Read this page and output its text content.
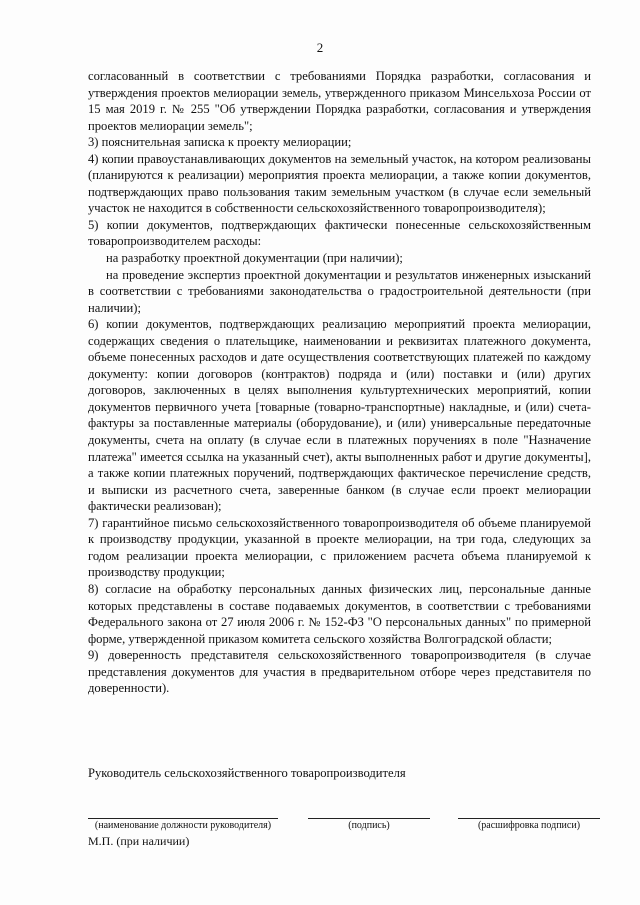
2

согласованный в соответствии с требованиями Порядка разработки, согласования и утверждения проектов мелиорации земель, утвержденного приказом Минсельхоза России от 15 мая 2019 г. № 255 "Об утверждении Порядка разработки, согласования и утверждения проектов мелиорации земель";

3) пояснительная записка к проекту мелиорации;

4) копии правоустанавливающих документов на земельный участок, на котором реализованы (планируются к реализации) мероприятия проекта мелиорации, а также копии документов, подтверждающих право пользования таким земельным участком (в случае если земельный участок не находится в собственности сельскохозяйственного товаропроизводителя);

5) копии документов, подтверждающих фактически понесенные сельскохозяйственным товаропроизводителем расходы:

на разработку проектной документации (при наличии);

на проведение экспертиз проектной документации и результатов инженерных изысканий в соответствии с требованиями законодательства о градостроительной деятельности (при наличии);

6) копии документов, подтверждающих реализацию мероприятий проекта мелиорации, содержащих сведения о плательщике, наименовании и реквизитах платежного документа, объеме понесенных расходов и дате осуществления соответствующих платежей по каждому документу: копии договоров (контрактов) подряда и (или) поставки и (или) других договоров, заключенных в целях выполнения культуртехнических мероприятий, копии документов первичного учета [товарные (товарно-транспортные) накладные, и (или) счета-фактуры за поставленные материалы (оборудование), и (или) универсальные передаточные документы, счета на оплату (в случае если в платежных поручениях в поле "Назначение платежа" имеется ссылка на указанный счет), акты выполненных работ и другие документы], а также копии платежных поручений, подтверждающих фактическое перечисление средств, и выписки из расчетного счета, заверенные банком (в случае если проект мелиорации фактически реализован);

7) гарантийное письмо сельскохозяйственного товаропроизводителя об объеме планируемой к производству продукции, указанной в проекте мелиорации, на три года, следующих за годом реализации проекта мелиорации, с приложением расчета объема планируемой к производству продукции;

8) согласие на обработку персональных данных физических лиц, персональные данные которых представлены в составе подаваемых документов, в соответствии с требованиями Федерального закона от 27 июля 2006 г. № 152-ФЗ "О персональных данных" по примерной форме, утвержденной приказом комитета сельского хозяйства Волгоградской области;

9) доверенность представителя сельскохозяйственного товаропроизводителя (в случае представления документов для участия в предварительном отборе через представителя по доверенности).

Руководитель сельскохозяйственного товаропроизводителя
(наименование должности руководителя)	(подпись)	(расшифровка подписи)
М.П. (при наличии)
